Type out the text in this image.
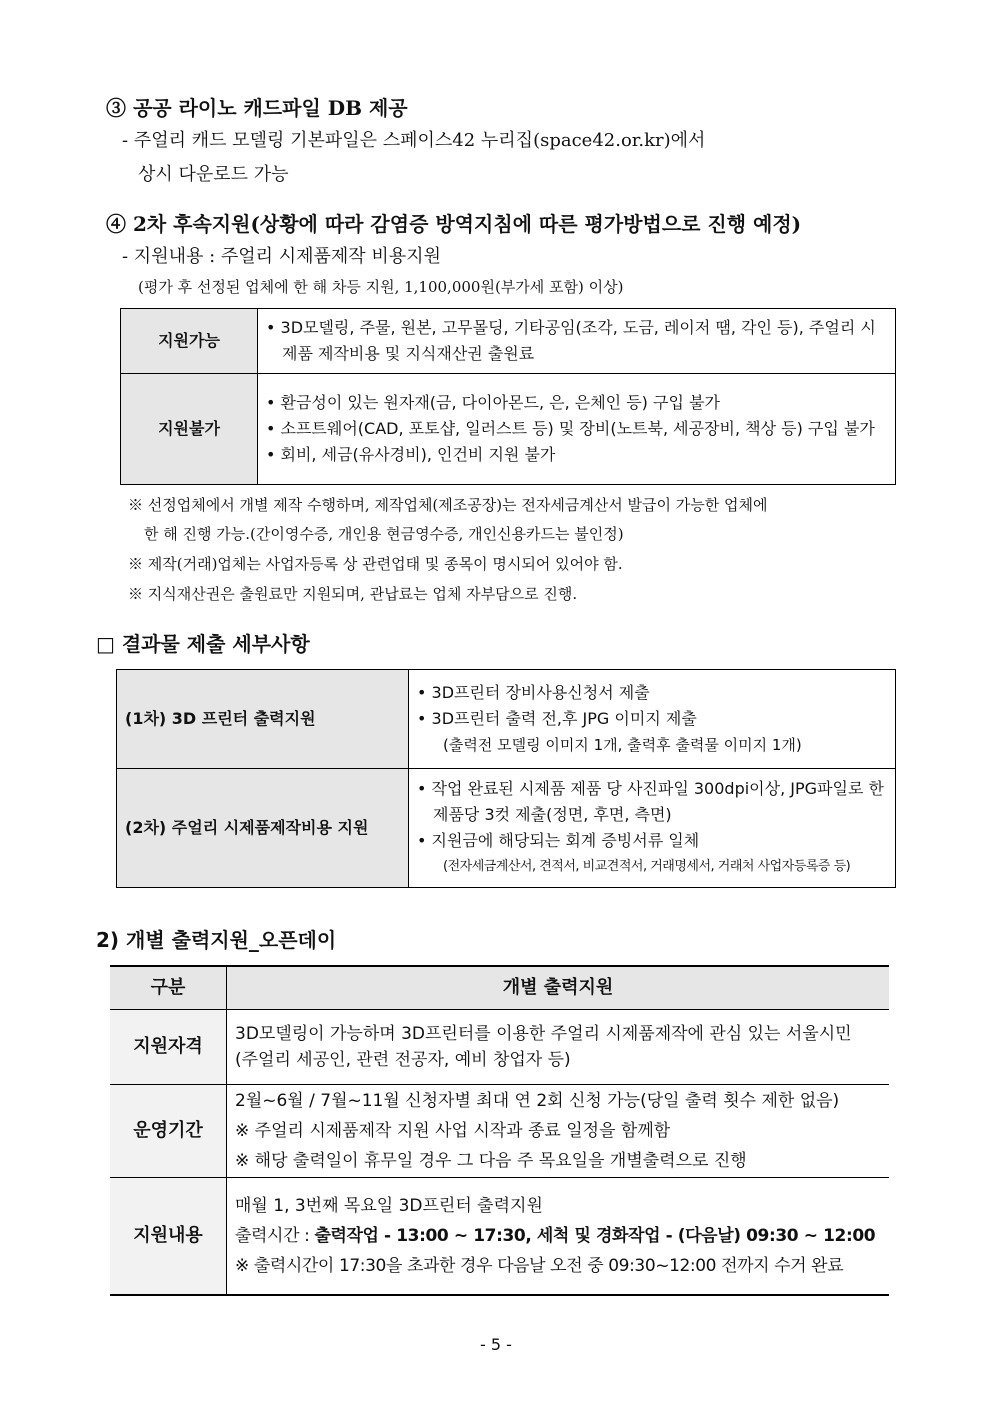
③ 공공 라이노 캐드파일 DB 제공
- 주얼리 캐드 모델링 기본파일은 스페이스42 누리집(space42.or.kr)에서
상시 다운로드 가능
④ 2차 후속지원(상황에 따라 감염증 방역지침에 따른 평가방법으로 진행 예정)
- 지원내용 : 주얼리 시제품제작 비용지원
(평가 후 선정된 업체에 한 해 차등 지원, 1,100,000원(부가세 포함) 이상)
지원가능	• 3D모델링, 주물, 원본, 고무몰딩, 기타공임(조각, 도금, 레이저 땜, 각인 등), 주얼리 시제품 제작비용 및 지식재산권 출원료

지원불가	• 환금성이 있는 원자재(금, 다이아몬드, 은, 은체인 등) 구입 불가
• 소프트웨어(CAD, 포토샵, 일러스트 등) 및 장비(노트북, 세공장비, 책상 등) 구입 불가
• 회비, 세금(유사경비), 인건비 지원 불가
※ 선정업체에서 개별 제작 수행하며, 제작업체(제조공장)는 전자세금계산서 발급이 가능한 업체에
한 해 진행 가능.(간이영수증, 개인용 현금영수증, 개인신용카드는 불인정)
※ 제작(거래)업체는 사업자등록 상 관련업태 및 종목이 명시되어 있어야 함.
※ 지식재산권은 출원료만 지원되며, 관납료는 업체 자부담으로 진행.
□ 결과물 제출 세부사항
(1차) 3D 프린터 출력지원	• 3D프린터 장비사용신청서 제출
• 3D프린터 출력 전,후 JPG 이미지 제출
(출력전 모델링 이미지 1개, 출력후 출력물 이미지 1개)

(2차) 주얼리 시제품제작비용 지원	• 작업 완료된 시제품 제품 당 사진파일 300dpi이상, JPG파일로 한 제품당 3컷 제출(정면, 후면, 측면)
• 지원금에 해당되는 회계 증빙서류 일체
(전자세금계산서, 견적서, 비교견적서, 거래명세서, 거래처 사업자등록증 등)
2) 개별 출력지원_오픈데이
구분	개별 출력지원
지원자격	3D모델링이 가능하며 3D프린터를 이용한 주얼리 시제품제작에 관심 있는 서울시민
(주얼리 세공인, 관련 전공자, 예비 창업자 등)

운영기간	2월~6월 / 7월~11월 신청자별 최대 연 2회 신청 가능(당일 출력 횟수 제한 없음)
※ 주얼리 시제품제작 지원 사업 시작과 종료 일정을 함께함
※ 해당 출력일이 휴무일 경우 그 다음 주 목요일을 개별출력으로 진행

지원내용	매월 1, 3번째 목요일 3D프린터 출력지원
출력시간 : 출력작업 - 13:00 ~ 17:30, 세척 및 경화작업 - (다음날) 09:30 ~ 12:00
※ 출력시간이 17:30을 초과한 경우 다음날 오전 중 09:30~12:00 전까지 수거 완료
- 5 -
